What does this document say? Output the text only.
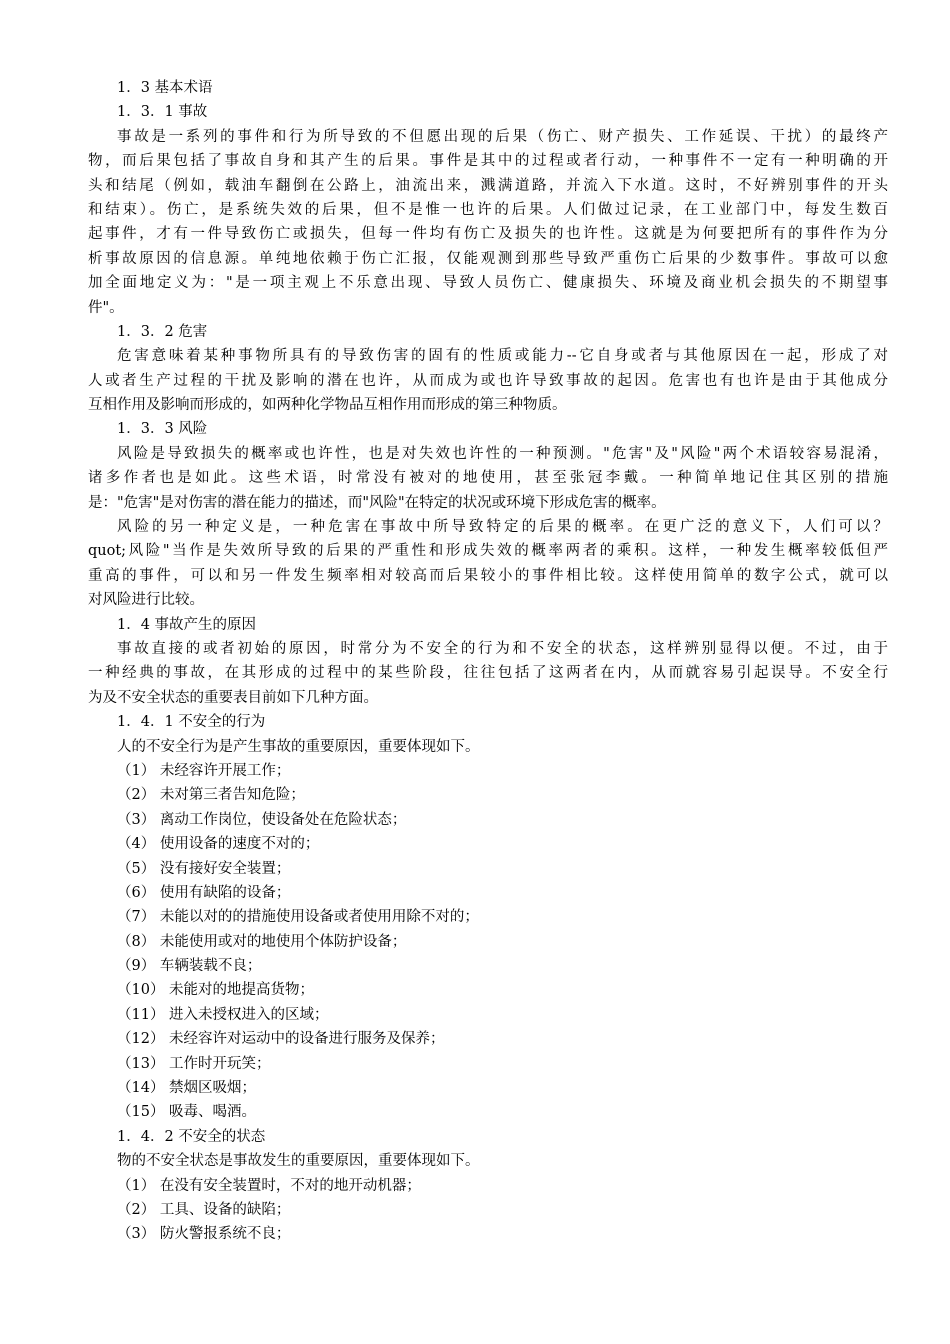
1．3 基本术语
1．3．1 事故
事故是一系列的事件和行为所导致的不但愿出现的后果（伤亡、财产损失、工作延误、干扰）的最终产
物，而后果包括了事故自身和其产生的后果。事件是其中的过程或者行动，一种事件不一定有一种明确的开
头和结尾（例如，载油车翻倒在公路上，油流出来，溅满道路，并流入下水道。这时，不好辨别事件的开头
和结束）。伤亡，是系统失效的后果，但不是惟一也许的后果。人们做过记录，在工业部门中，每发生数百
起事件，才有一件导致伤亡或损失，但每一件均有伤亡及损失的也许性。这就是为何要把所有的事件作为分
析事故原因的信息源。单纯地依赖于伤亡汇报，仅能观测到那些导致严重伤亡后果的少数事件。事故可以愈
加全面地定义为："是一项主观上不乐意出现、导致人员伤亡、健康损失、环境及商业机会损失的不期望事
件"。
1．3．2 危害
危害意味着某种事物所具有的导致伤害的固有的性质或能力--它自身或者与其他原因在一起，形成了对
人或者生产过程的干扰及影响的潜在也许，从而成为或也许导致事故的起因。危害也有也许是由于其他成分
互相作用及影响而形成的，如两种化学物品互相作用而形成的第三种物质。
1．3．3 风险
风险是导致损失的概率或也许性，也是对失效也许性的一种预测。"危害"及"风险"两个术语较容易混淆，
诸多作者也是如此。这些术语，时常没有被对的地使用，甚至张冠李戴。一种简单地记住其区别的措施
是："危害"是对伤害的潜在能力的描述，而"风险"在特定的状况或环境下形成危害的概率。
风险的另一种定义是，一种危害在事故中所导致特定的后果的概率。在更广泛的意义下，人们可以？
quot;风险"当作是失效所导致的后果的严重性和形成失效的概率两者的乘积。这样，一种发生概率较低但严
重高的事件，可以和另一件发生频率相对较高而后果较小的事件相比较。这样使用简单的数字公式，就可以
对风险进行比较。
1．4 事故产生的原因
事故直接的或者初始的原因，时常分为不安全的行为和不安全的状态，这样辨别显得以便。不过，由于
一种经典的事故，在其形成的过程中的某些阶段，往往包括了这两者在内，从而就容易引起误导。不安全行
为及不安全状态的重要表目前如下几种方面。
1．4．1 不安全的行为
人的不安全行为是产生事故的重要原因，重要体现如下。
（1） 未经容许开展工作；
（2） 未对第三者告知危险；
（3） 离动工作岗位，使设备处在危险状态；
（4） 使用设备的速度不对的；
（5） 没有接好安全装置；
（6） 使用有缺陷的设备；
（7） 未能以对的的措施使用设备或者使用用除不对的；
（8） 未能使用或对的地使用个体防护设备；
（9） 车辆装载不良；
（10） 未能对的地提高货物；
（11） 进入未授权进入的区域；
（12） 未经容许对运动中的设备进行服务及保养；
（13） 工作时开玩笑；
（14） 禁烟区吸烟；
（15） 吸毒、喝酒。
1．4．2 不安全的状态
物的不安全状态是事故发生的重要原因，重要体现如下。
（1） 在没有安全装置时，不对的地开动机器；
（2） 工具、设备的缺陷；
（3） 防火警报系统不良；
